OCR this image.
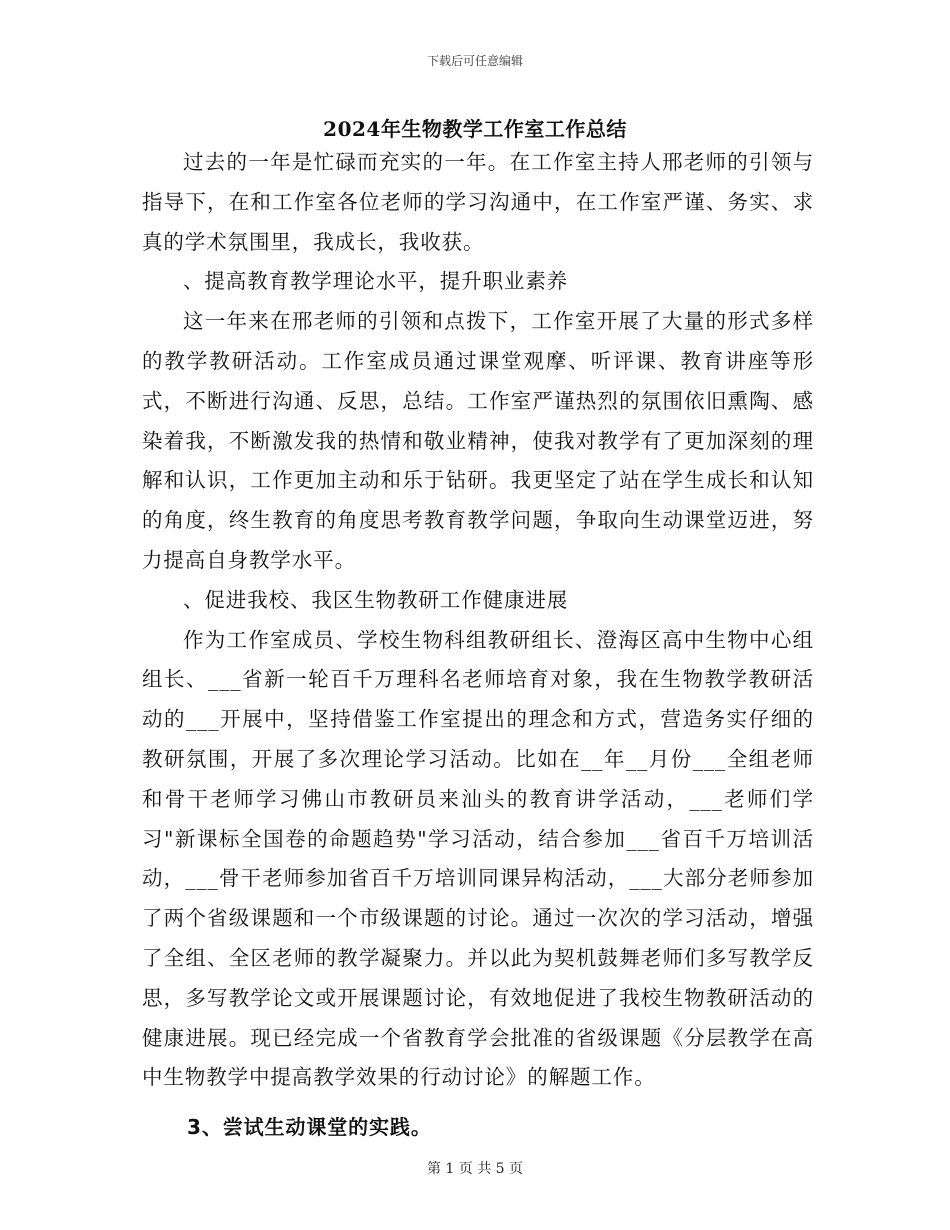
下载后可任意编辑
2024年生物教学工作室工作总结

过去的一年是忙碌而充实的一年。在工作室主持人邢老师的引领与指导下，在和工作室各位老师的学习沟通中，在工作室严谨、务实、求真的学术氛围里，我成长，我收获。

、提高教育教学理论水平，提升职业素养

这一年来在邢老师的引领和点拨下，工作室开展了大量的形式多样的教学教研活动。工作室成员通过课堂观摩、听评课、教育讲座等形式，不断进行沟通、反思，总结。工作室严谨热烈的氛围依旧熏陶、感染着我，不断激发我的热情和敬业精神，使我对教学有了更加深刻的理解和认识，工作更加主动和乐于钻研。我更坚定了站在学生成长和认知的角度，终生教育的角度思考教育教学问题，争取向生动课堂迈进，努力提高自身教学水平。

、促进我校、我区生物教研工作健康进展

作为工作室成员、学校生物科组教研组长、澄海区高中生物中心组组长、___省新一轮百千万理科名老师培育对象，我在生物教学教研活动的___开展中，坚持借鉴工作室提出的理念和方式，营造务实仔细的教研氛围，开展了多次理论学习活动。比如在__年__月份___全组老师和骨干老师学习佛山市教研员来汕头的教育讲学活动，___老师们学习"新课标全国卷的命题趋势"学习活动，结合参加___省百千万培训活动，___骨干老师参加省百千万培训同课异构活动，___大部分老师参加了两个省级课题和一个市级课题的讨论。通过一次次的学习活动，增强了全组、全区老师的教学凝聚力。并以此为契机鼓舞老师们多写教学反思，多写教学论文或开展课题讨论，有效地促进了我校生物教研活动的健康进展。现已经完成一个省教育学会批准的省级课题《分层教学在高中生物教学中提高教学效果的行动讨论》的解题工作。

3、尝试生动课堂的实践。

第 1 页 共 5 页
